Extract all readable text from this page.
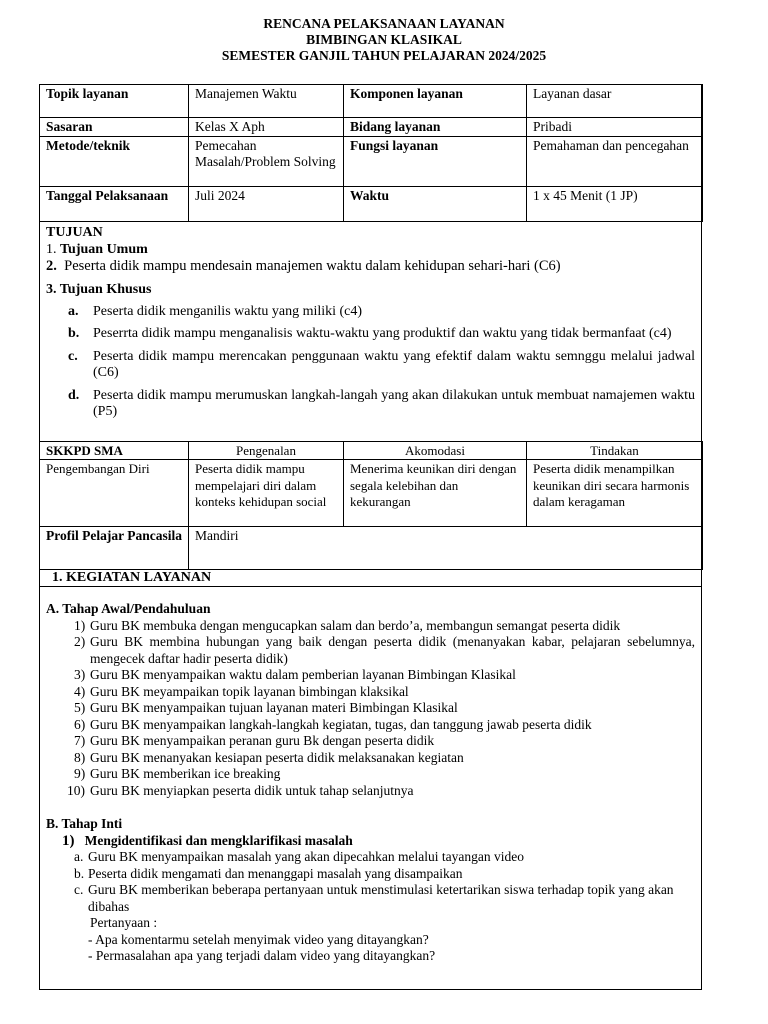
RENCANA PELAKSANAAN LAYANAN
BIMBINGAN KLASIKAL
SEMESTER GANJIL TAHUN PELAJARAN 2024/2025
Topik layanan	Manajemen Waktu	Komponen layanan	Layanan dasar
Sasaran	Kelas X Aph	Bidang layanan	Pribadi
Metode/teknik	Pemecahan Masalah/Problem Solving	Fungsi layanan	Pemahaman dan pencegahan
Tanggal Pelaksanaan	Juli 2024	Waktu	1 x 45 Menit (1 JP)

TUJUAN

1. Tujuan Umum

2. Peserta didik mampu mendesain manajemen waktu dalam kehidupan sehari-hari (C6)

3. Tujuan Khusus

a. Peserta didik menganilis waktu yang miliki (c4)
b. Peserrta didik mampu menganalisis waktu-waktu yang produktif dan waktu yang tidak bermanfaat (c4)
c. Peserta didik mampu merencakan penggunaan waktu yang efektif dalam waktu semnggu melalui jadwal (C6)
d. Peserta didik mampu merumuskan langkah-langah yang akan dilakukan untuk membuat namajemen waktu (P5)
SKKPD SMA	Pengenalan	Akomodasi	Tindakan
Pengembangan Diri	Peserta didik mampu mempelajari diri dalam konteks kehidupan social	Menerima keunikan diri dengan segala kelebihan dan kekurangan	Peserta didik menampilkan keunikan diri secara harmonis dalam keragaman
Profil Pelajar Pancasila	Mandiri		
1. KEGIATAN LAYANAN
A. Tahap Awal/Pendahuluan
1) Guru BK membuka dengan mengucapkan salam dan berdo’a, membangun semangat peserta didik
2) Guru BK membina hubungan yang baik dengan peserta didik (menanyakan kabar, pelajaran sebelumnya, mengecek daftar hadir peserta didik)
3) Guru BK menyampaikan waktu dalam pemberian layanan Bimbingan Klasikal
4) Guru BK meyampaikan topik layanan bimbingan klaksikal
5) Guru BK menyampaikan tujuan layanan materi Bimbingan Klasikal
6) Guru BK menyampaikan langkah-langkah kegiatan, tugas, dan tanggung jawab peserta didik
7) Guru BK menyampaikan peranan guru Bk dengan peserta didik
8) Guru BK menanyakan kesiapan peserta didik melaksanakan kegiatan
9) Guru BK memberikan ice breaking
10) Guru BK menyiapkan peserta didik untuk tahap selanjutnya
B. Tahap Inti
1) Mengidentifikasi dan mengklarifikasi masalah
a. Guru BK menyampaikan masalah yang akan dipecahkan melalui tayangan video
b. Peserta didik mengamati dan menanggapi masalah yang disampaikan
c. Guru BK memberikan beberapa pertanyaan untuk menstimulasi ketertarikan siswa terhadap topik yang akan dibahas
Pertanyaan :
- Apa komentarmu setelah menyimak video yang ditayangkan?
- Permasalahan apa yang terjadi dalam video yang ditayangkan?
